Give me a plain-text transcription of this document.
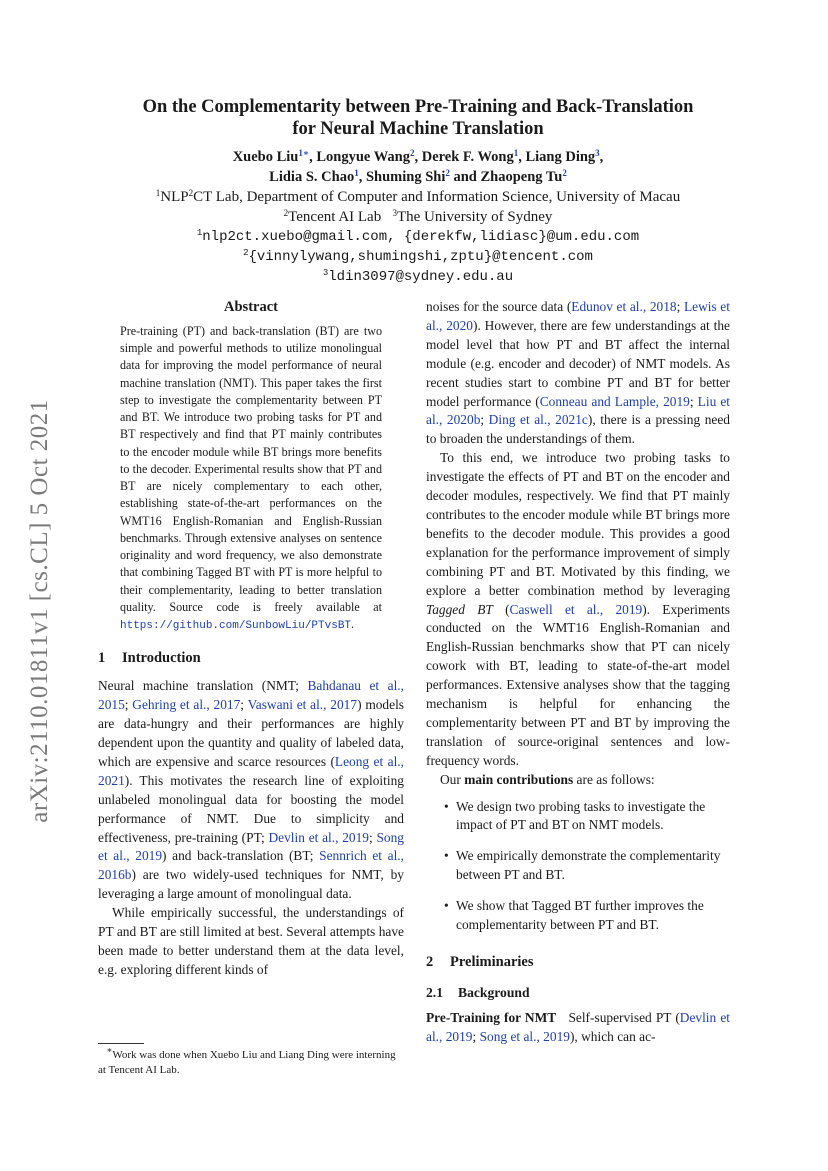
arXiv:2110.01811v1 [cs.CL] 5 Oct 2021
On the Complementarity between Pre-Training and Back-Translation
for Neural Machine Translation
Xuebo Liu$^{1∗}$, Longyue Wang$^2$, Derek F. Wong$^1$, Liang Ding$^3$,
Lidia S. Chao$^1$, Shuming Shi$^2$ and Zhaopeng Tu$^2$
$^1$NLP$^2$CT Lab, Department of Computer and Information Science, University of Macau
$^2$Tencent AI Lab $^3$The University of Sydney
$^1$nlp2ct.xuebo@gmail.com, {derekfw,lidiasc}@um.edu.com
$^2${vinnylywang,shumingshi,zptu}@tencent.com
$^3$ldin3097@sydney.edu.au
Abstract

Pre-training (PT) and back-translation (BT) are two simple and powerful methods to utilize monolingual data for improving the model performance of neural machine translation (NMT). This paper takes the first step to investigate the complementarity between PT and BT. We introduce two probing tasks for PT and BT respectively and find that PT mainly contributes to the encoder module while BT brings more benefits to the decoder. Experimental results show that PT and BT are nicely complementary to each other, establishing state-of-the-art performances on the WMT16 English-Romanian and English-Russian benchmarks. Through extensive analyses on sentence originality and word frequency, we also demonstrate that combining Tagged BT with PT is more helpful to their complementarity, leading to better translation quality. Source code is freely available at https://github.com/SunbowLiu/PTvsBT.

1 Introduction

Neural machine translation (NMT; Bahdanau et al., 2015; Gehring et al., 2017; Vaswani et al., 2017) models are data-hungry and their performances are highly dependent upon the quantity and quality of labeled data, which are expensive and scarce resources (Leong et al., 2021). This motivates the research line of exploiting unlabeled monolingual data for boosting the model performance of NMT. Due to simplicity and effectiveness, pre-training (PT; Devlin et al., 2019; Song et al., 2019) and back-translation (BT; Sennrich et al., 2016b) are two widely-used techniques for NMT, by leveraging a large amount of monolingual data.

While empirically successful, the understandings of PT and BT are still limited at best. Several attempts have been made to better understand them at the data level, e.g. exploring different kinds of

∗Work was done when Xuebo Liu and Liang Ding were interning at Tencent AI Lab.

noises for the source data (Edunov et al., 2018; Lewis et al., 2020). However, there are few understandings at the model level that how PT and BT affect the internal module (e.g. encoder and decoder) of NMT models. As recent studies start to combine PT and BT for better model performance (Conneau and Lample, 2019; Liu et al., 2020b; Ding et al., 2021c), there is a pressing need to broaden the understandings of them.

To this end, we introduce two probing tasks to investigate the effects of PT and BT on the encoder and decoder modules, respectively. We find that PT mainly contributes to the encoder module while BT brings more benefits to the decoder module. This provides a good explanation for the performance improvement of simply combining PT and BT. Motivated by this finding, we explore a better combination method by leveraging Tagged BT (Caswell et al., 2019). Experiments conducted on the WMT16 English-Romanian and English-Russian benchmarks show that PT can nicely cowork with BT, leading to state-of-the-art model performances. Extensive analyses show that the tagging mechanism is helpful for enhancing the complementarity between PT and BT by improving the translation of source-original sentences and low-frequency words.

Our main contributions are as follows:

• We design two probing tasks to investigate the impact of PT and BT on NMT models.
• We empirically demonstrate the complementarity between PT and BT.
• We show that Tagged BT further improves the complementarity between PT and BT.

2 Preliminaries

2.1 Background

Pre-Training for NMT   Self-supervised PT (Devlin et al., 2019; Song et al., 2019), which can ac-
